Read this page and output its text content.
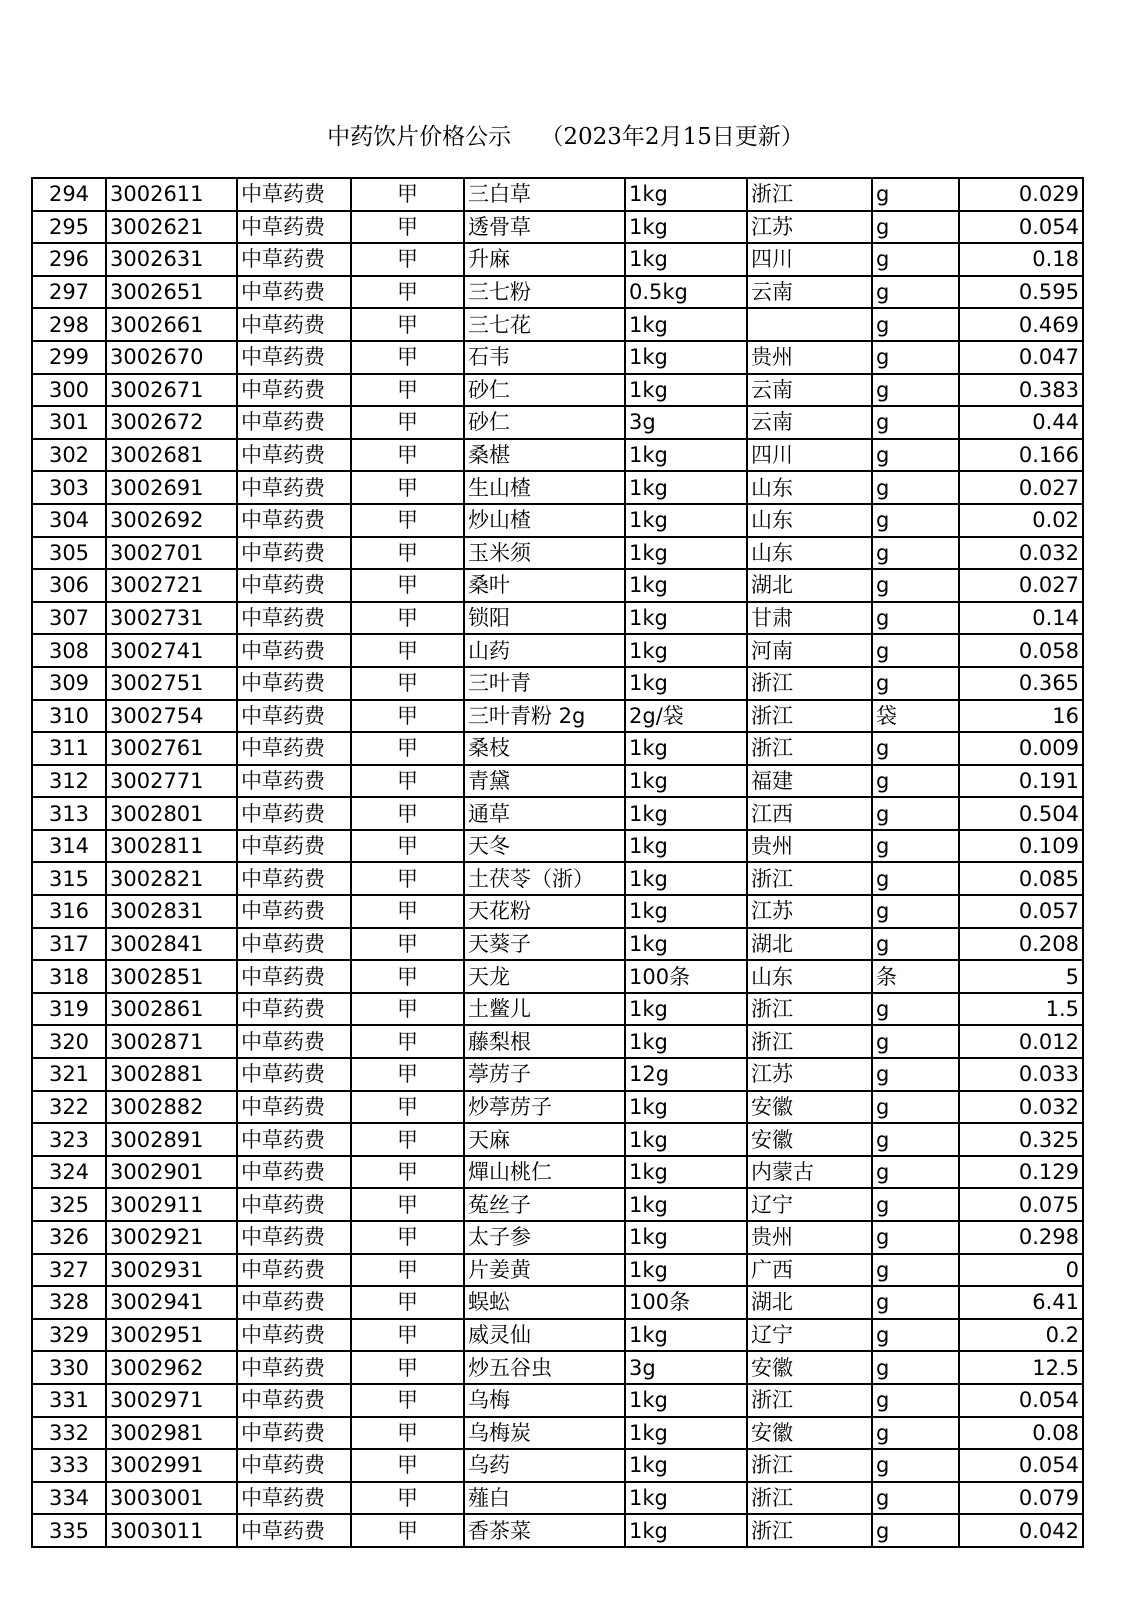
中药饮片价格公示    （2023年2月15日更新）
294	3002611	中草药费	甲	三白草	1kg	浙江	g	0.029
295	3002621	中草药费	甲	透骨草	1kg	江苏	g	0.054
296	3002631	中草药费	甲	升麻	1kg	四川	g	0.18
297	3002651	中草药费	甲	三七粉	0.5kg	云南	g	0.595
298	3002661	中草药费	甲	三七花	1kg		g	0.469
299	3002670	中草药费	甲	石韦	1kg	贵州	g	0.047
300	3002671	中草药费	甲	砂仁	1kg	云南	g	0.383
301	3002672	中草药费	甲	砂仁	3g	云南	g	0.44
302	3002681	中草药费	甲	桑椹	1kg	四川	g	0.166
303	3002691	中草药费	甲	生山楂	1kg	山东	g	0.027
304	3002692	中草药费	甲	炒山楂	1kg	山东	g	0.02
305	3002701	中草药费	甲	玉米须	1kg	山东	g	0.032
306	3002721	中草药费	甲	桑叶	1kg	湖北	g	0.027
307	3002731	中草药费	甲	锁阳	1kg	甘肃	g	0.14
308	3002741	中草药费	甲	山药	1kg	河南	g	0.058
309	3002751	中草药费	甲	三叶青	1kg	浙江	g	0.365
310	3002754	中草药费	甲	三叶青粉 2g	2g/袋	浙江	袋	16
311	3002761	中草药费	甲	桑枝	1kg	浙江	g	0.009
312	3002771	中草药费	甲	青黛	1kg	福建	g	0.191
313	3002801	中草药费	甲	通草	1kg	江西	g	0.504
314	3002811	中草药费	甲	天冬	1kg	贵州	g	0.109
315	3002821	中草药费	甲	土茯苓（浙）	1kg	浙江	g	0.085
316	3002831	中草药费	甲	天花粉	1kg	江苏	g	0.057
317	3002841	中草药费	甲	天葵子	1kg	湖北	g	0.208
318	3002851	中草药费	甲	天龙	100条	山东	条	5
319	3002861	中草药费	甲	土鳖儿	1kg	浙江	g	1.5
320	3002871	中草药费	甲	藤梨根	1kg	浙江	g	0.012
321	3002881	中草药费	甲	葶苈子	12g	江苏	g	0.033
322	3002882	中草药费	甲	炒葶苈子	1kg	安徽	g	0.032
323	3002891	中草药费	甲	天麻	1kg	安徽	g	0.325
324	3002901	中草药费	甲	燀山桃仁	1kg	内蒙古	g	0.129
325	3002911	中草药费	甲	菟丝子	1kg	辽宁	g	0.075
326	3002921	中草药费	甲	太子参	1kg	贵州	g	0.298
327	3002931	中草药费	甲	片姜黄	1kg	广西	g	0
328	3002941	中草药费	甲	蜈蚣	100条	湖北	g	6.41
329	3002951	中草药费	甲	威灵仙	1kg	辽宁	g	0.2
330	3002962	中草药费	甲	炒五谷虫	3g	安徽	g	12.5
331	3002971	中草药费	甲	乌梅	1kg	浙江	g	0.054
332	3002981	中草药费	甲	乌梅炭	1kg	安徽	g	0.08
333	3002991	中草药费	甲	乌药	1kg	浙江	g	0.054
334	3003001	中草药费	甲	薤白	1kg	浙江	g	0.079
335	3003011	中草药费	甲	香茶菜	1kg	浙江	g	0.042
